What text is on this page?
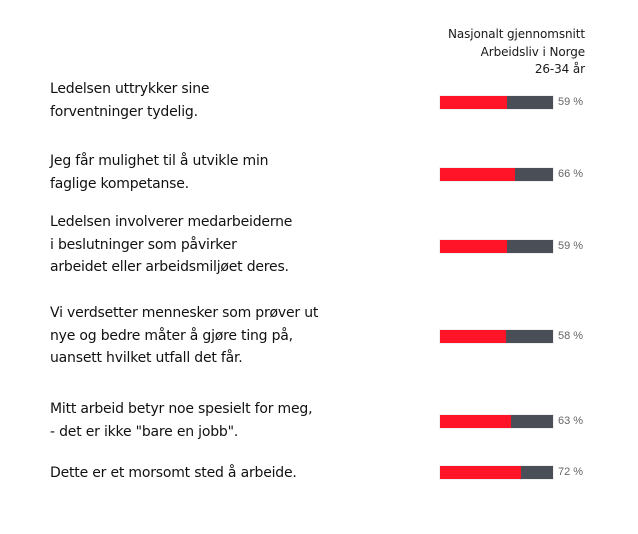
Nasjonalt gjennomsnitt
Arbeidsliv i Norge
26-34 år
Ledelsen uttrykker sine
forventninger tydelig.
59 %
Jeg får mulighet til å utvikle min
faglige kompetanse.
66 %
Ledelsen involverer medarbeiderne
i beslutninger som påvirker
arbeidet eller arbeidsmiljøet deres.
59 %
Vi verdsetter mennesker som prøver ut
nye og bedre måter å gjøre ting på,
uansett hvilket utfall det får.
58 %
Mitt arbeid betyr noe spesielt for meg,
- det er ikke "bare en jobb".
63 %
Dette er et morsomt sted å arbeide.	72 %
